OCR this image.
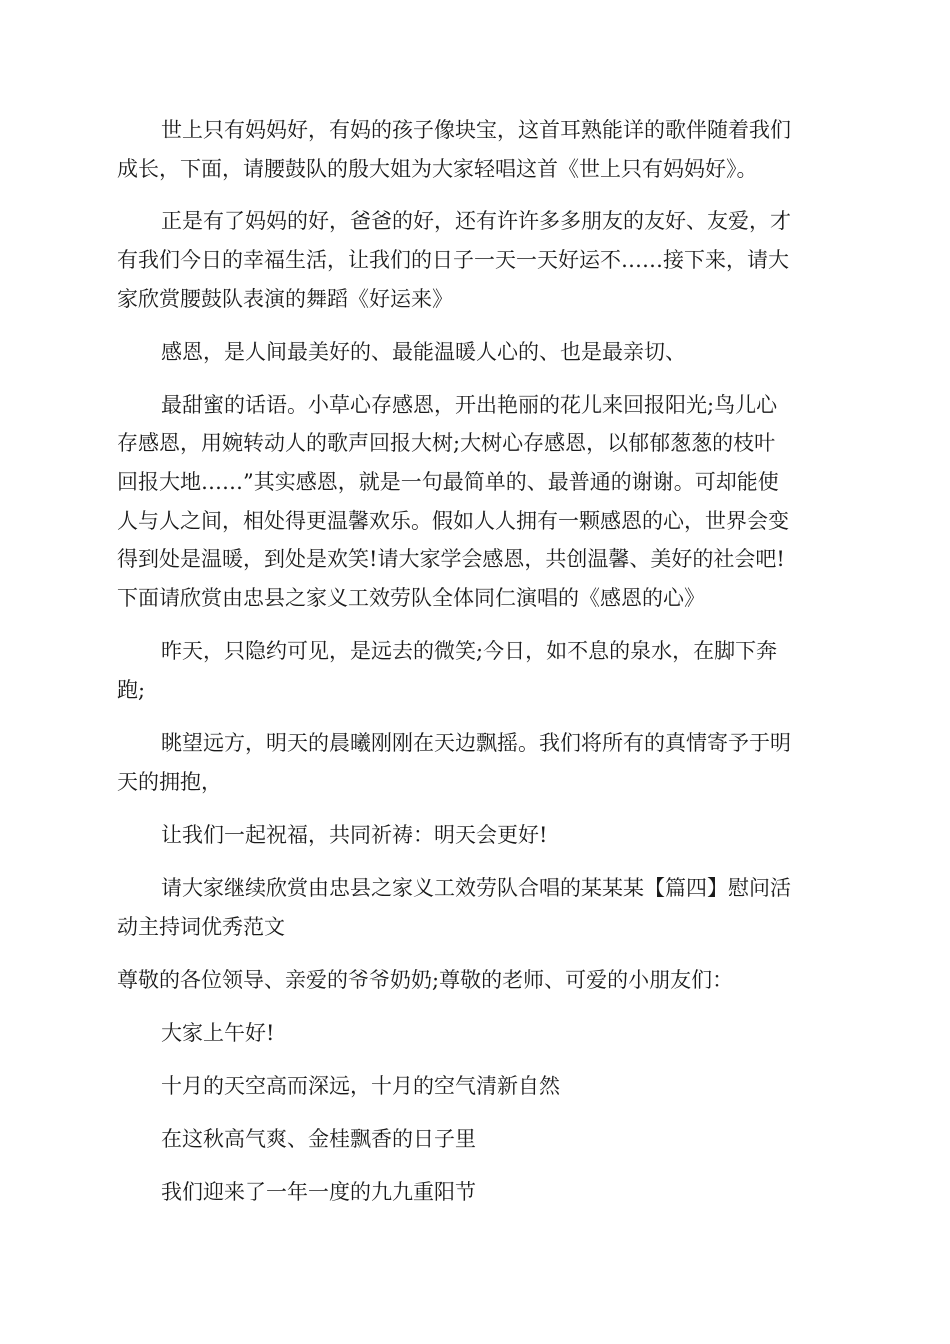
世上只有妈妈好，有妈的孩子像块宝，这首耳熟能详的歌伴随着我们

成长，下面，请腰鼓队的殷大姐为大家轻唱这首《世上只有妈妈好》。

正是有了妈妈的好，爸爸的好，还有许许多多朋友的友好、友爱，才

有我们今日的幸福生活，让我们的日子一天一天好运不……接下来，请大

家欣赏腰鼓队表演的舞蹈《好运来》

感恩，是人间最美好的、最能温暖人心的、也是最亲切、

最甜蜜的话语。小草心存感恩，开出艳丽的花儿来回报阳光;鸟儿心

存感恩，用婉转动人的歌声回报大树;大树心存感恩，以郁郁葱葱的枝叶

回报大地……”其实感恩，就是一句最简单的、最普通的谢谢。可却能使

人与人之间，相处得更温馨欢乐。假如人人拥有一颗感恩的心，世界会变

得到处是温暖，到处是欢笑!请大家学会感恩，共创温馨、美好的社会吧!

下面请欣赏由忠县之家义工效劳队全体同仁演唱的《感恩的心》

昨天，只隐约可见，是远去的微笑;今日，如不息的泉水，在脚下奔

跑;

眺望远方，明天的晨曦刚刚在天边飘摇。我们将所有的真情寄予于明

天的拥抱，

让我们一起祝福，共同祈祷：明天会更好!

请大家继续欣赏由忠县之家义工效劳队合唱的某某某【篇四】慰问活

动主持词优秀范文

尊敬的各位领导、亲爱的爷爷奶奶;尊敬的老师、可爱的小朋友们：

大家上午好!

十月的天空高而深远，十月的空气清新自然

在这秋高气爽、金桂飘香的日子里

我们迎来了一年一度的九九重阳节
